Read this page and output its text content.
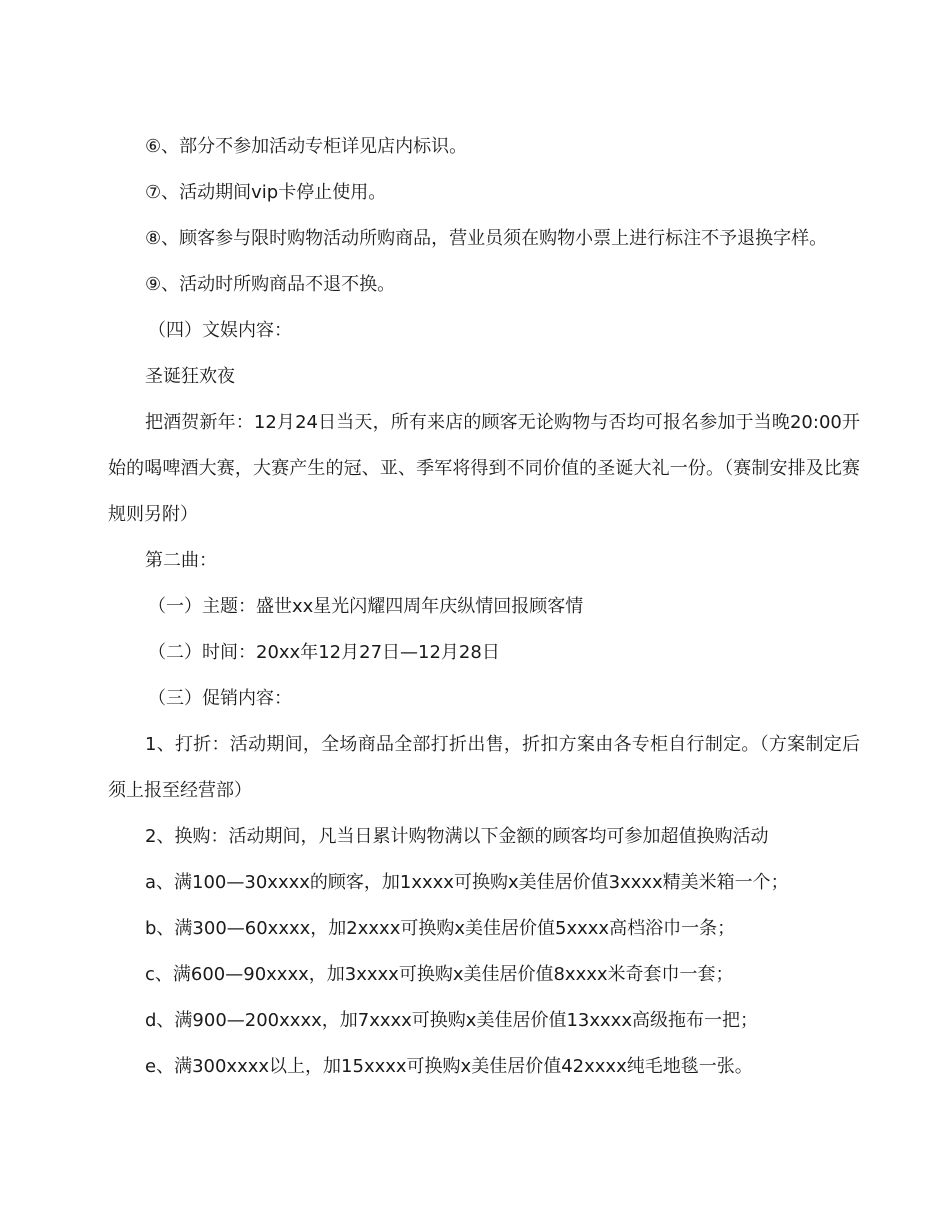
⑥、部分不参加活动专柜详见店内标识。

⑦、活动期间vip卡停止使用。

⑧、顾客参与限时购物活动所购商品，营业员须在购物小票上进行标注不予退换字样。

⑨、活动时所购商品不退不换。

（四）文娱内容：

圣诞狂欢夜

把酒贺新年：12月24日当天，所有来店的顾客无论购物与否均可报名参加于当晚20:00开始的喝啤酒大赛，大赛产生的冠、亚、季军将得到不同价值的圣诞大礼一份。（赛制安排及比赛规则另附）

第二曲：

（一）主题：盛世xx星光闪耀四周年庆纵情回报顾客情

（二）时间：20xx年12月27日—12月28日

（三）促销内容：

1、打折：活动期间，全场商品全部打折出售，折扣方案由各专柜自行制定。（方案制定后须上报至经营部）

2、换购：活动期间，凡当日累计购物满以下金额的顾客均可参加超值换购活动

a、满100—30xxxx的顾客，加1xxxx可换购x美佳居价值3xxxx精美米箱一个；

b、满300—60xxxx，加2xxxx可换购x美佳居价值5xxxx高档浴巾一条；

c、满600—90xxxx，加3xxxx可换购x美佳居价值8xxxx米奇套巾一套；

d、满900—200xxxx，加7xxxx可换购x美佳居价值13xxxx高级拖布一把；

e、满300xxxx以上，加15xxxx可换购x美佳居价值42xxxx纯毛地毯一张。
